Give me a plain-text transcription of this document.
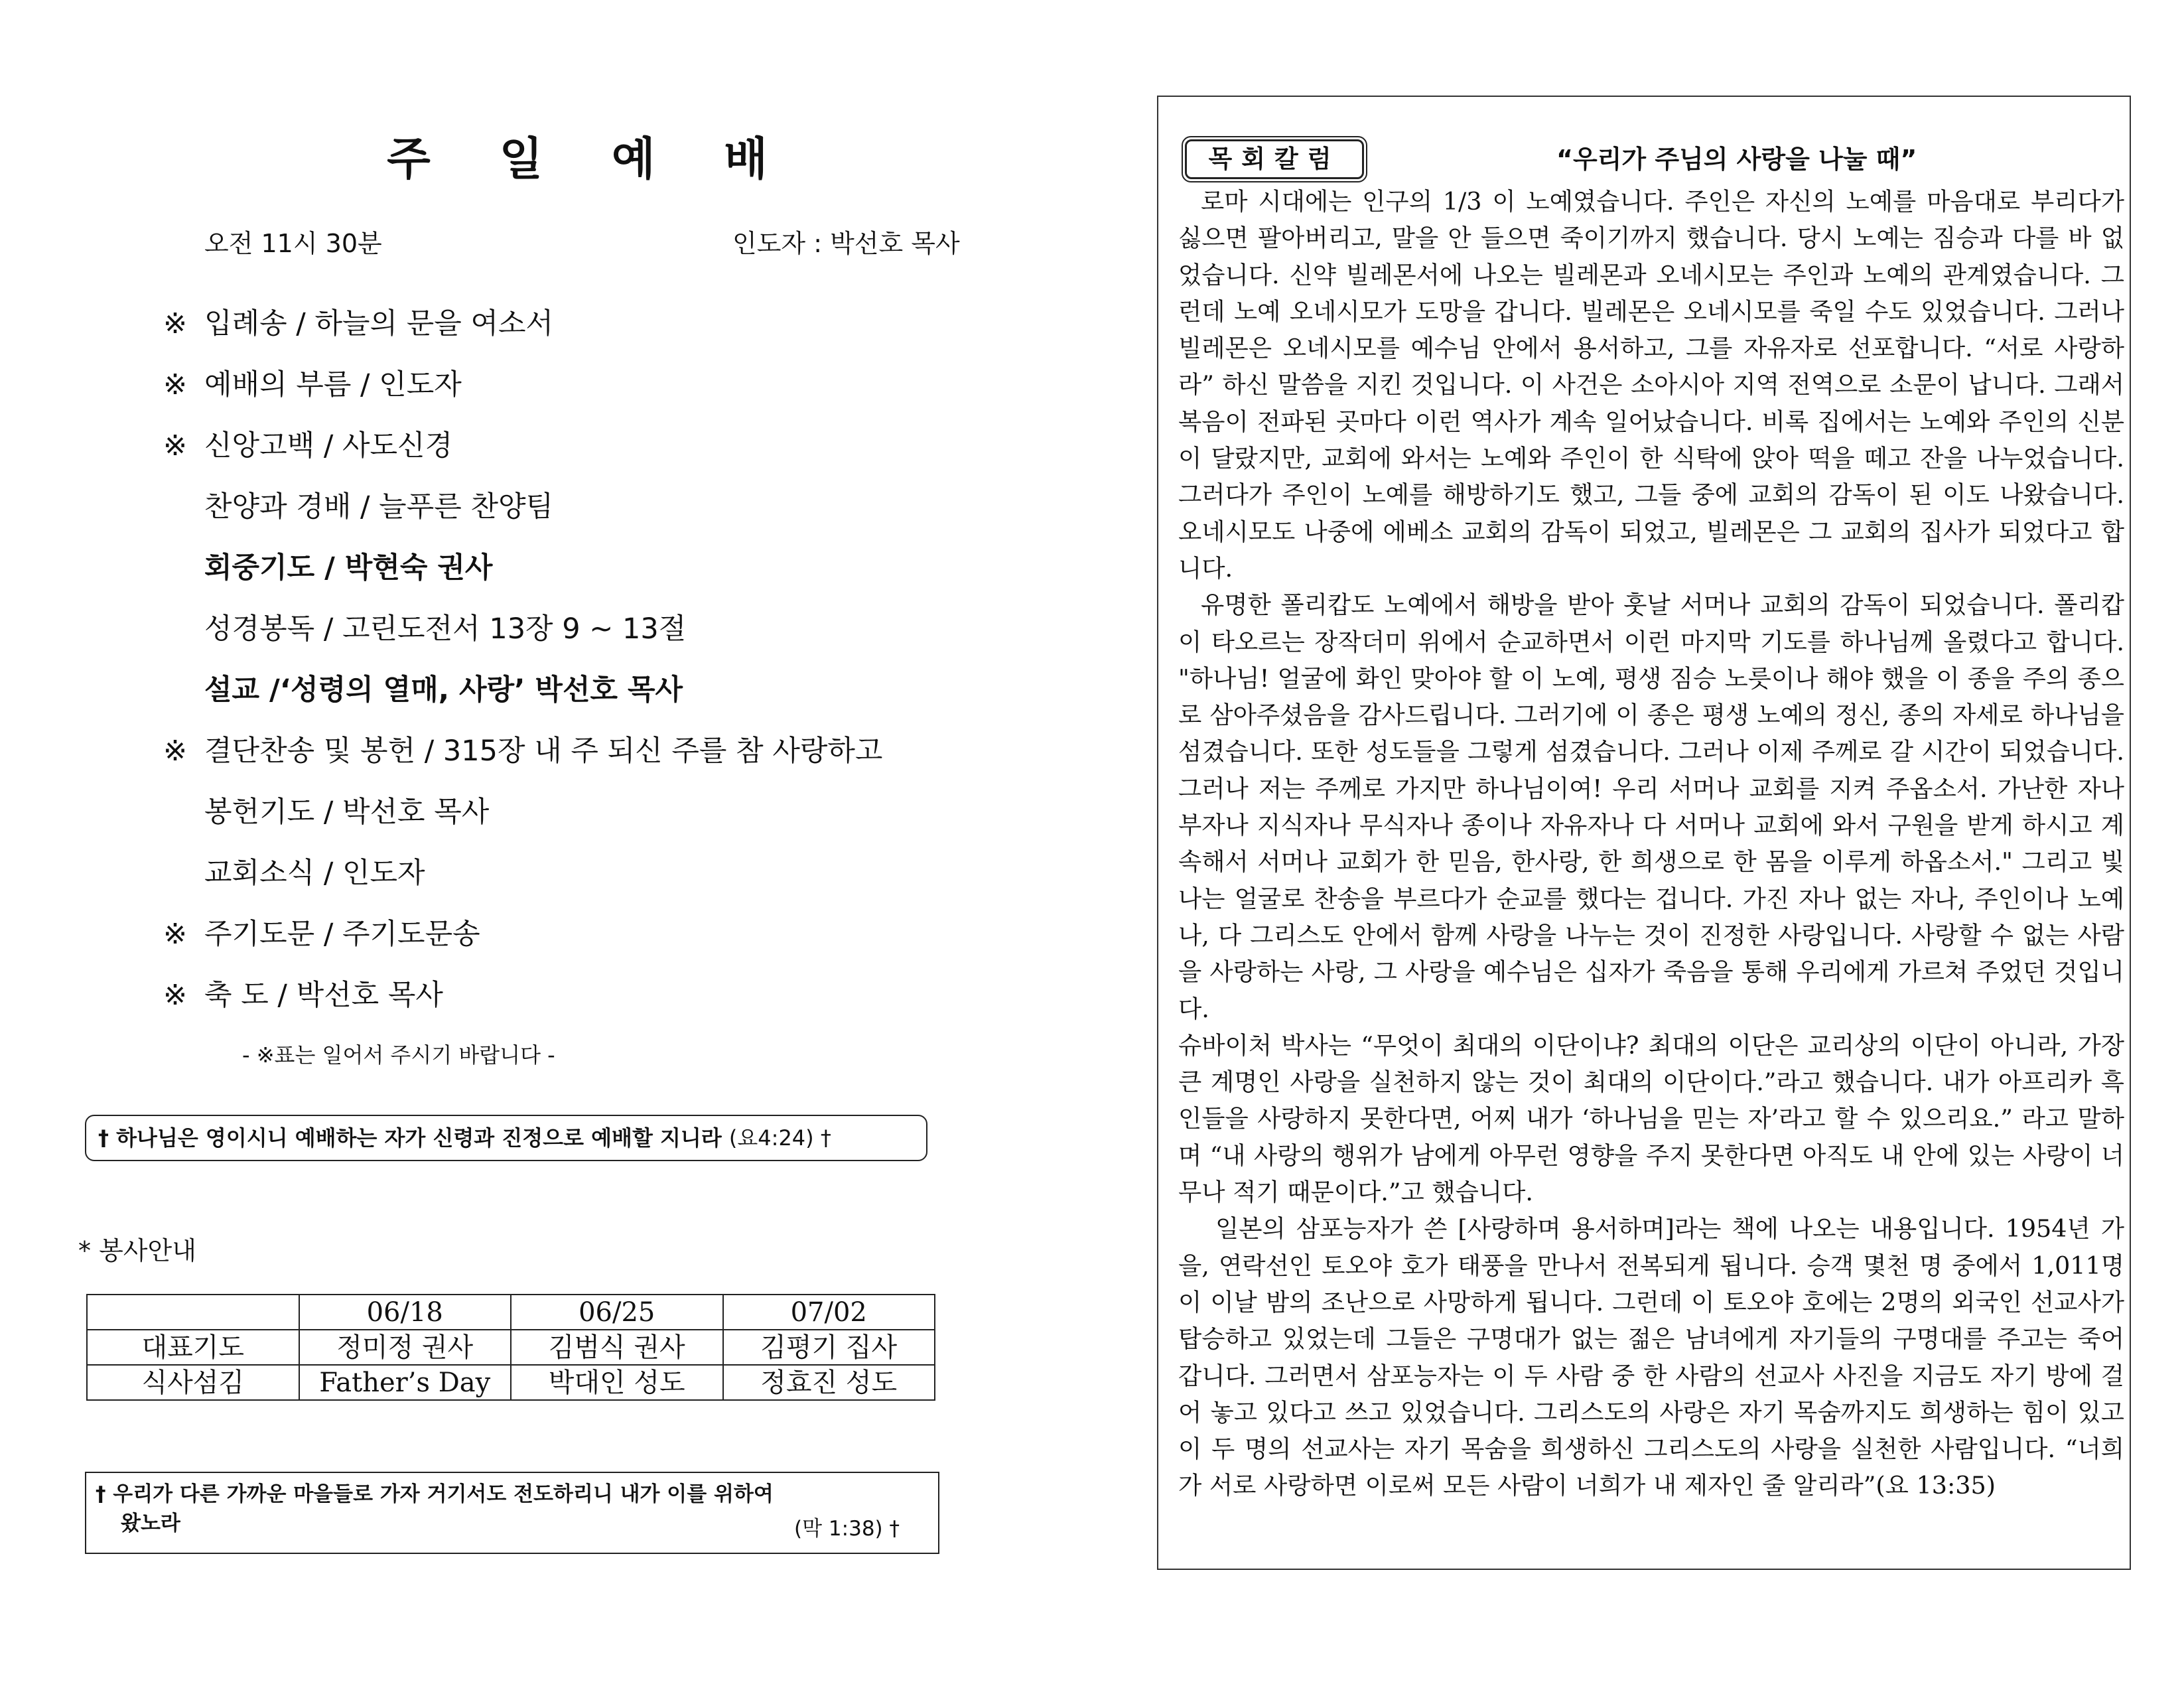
주 일 예 배
오전 11시 30분	인도자 : 박선호 목사
※ 입례송 / 하늘의 문을 여소서
※ 예배의 부름 / 인도자
※ 신앙고백 / 사도신경
찬양과 경배 / 늘푸른 찬양팀
회중기도 / 박현숙 권사
성경봉독 / 고린도전서 13장 9 ~ 13절
설교 /‘성령의 열매, 사랑’ 박선호 목사
※ 결단찬송 및 봉헌 / 315장 내 주 되신 주를 참 사랑하고
봉헌기도 / 박선호 목사
교회소식 / 인도자
※ 주기도문 / 주기도문송
※ 축 도 / 박선호 목사
- ※표는 일어서 주시기 바랍니다 -
† 하나님은 영이시니 예배하는 자가 신령과 진정으로 예배할 지니라 (요4:24) †
* 봉사안내
	06/18	06/25	07/02
대표기도	정미정 권사	김범식 권사	김평기 집사
식사섬김	Father’s Day	박대인 성도	정효진 성도
† 우리가 다른 가까운 마을들로 가자 거기서도 전도하리니 내가 이를 위하여
왔노라	(막 1:38) †
목회칼럼	“우리가 주님의 사랑을 나눌 때”

로마 시대에는 인구의 1/3 이 노예였습니다. 주인은 자신의 노예를 마음대로 부리다가 싫으면 팔아버리고, 말을 안 들으면 죽이기까지 했습니다. 당시 노예는 짐승과 다를 바 없었습니다. 신약 빌레몬서에 나오는 빌레몬과 오네시모는 주인과 노예의 관계였습니다. 그런데 노예 오네시모가 도망을 갑니다. 빌레몬은 오네시모를 죽일 수도 있었습니다. 그러나 빌레몬은 오네시모를 예수님 안에서 용서하고, 그를 자유자로 선포합니다. “서로 사랑하라” 하신 말씀을 지킨 것입니다. 이 사건은 소아시아 지역 전역으로 소문이 납니다. 그래서 복음이 전파된 곳마다 이런 역사가 계속 일어났습니다. 비록 집에서는 노예와 주인의 신분이 달랐지만, 교회에 와서는 노예와 주인이 한 식탁에 앉아 떡을 떼고 잔을 나누었습니다. 그러다가 주인이 노예를 해방하기도 했고, 그들 중에 교회의 감독이 된 이도 나왔습니다. 오네시모도 나중에 에베소 교회의 감독이 되었고, 빌레몬은 그 교회의 집사가 되었다고 합니다.

유명한 폴리캅도 노예에서 해방을 받아 훗날 서머나 교회의 감독이 되었습니다. 폴리캅이 타오르는 장작더미 위에서 순교하면서 이런 마지막 기도를 하나님께 올렸다고 합니다. "하나님! 얼굴에 화인 맞아야 할 이 노예, 평생 짐승 노릇이나 해야 했을 이 종을 주의 종으로 삼아주셨음을 감사드립니다. 그러기에 이 종은 평생 노예의 정신, 종의 자세로 하나님을 섬겼습니다. 또한 성도들을 그렇게 섬겼습니다. 그러나 이제 주께로 갈 시간이 되었습니다. 그러나 저는 주께로 가지만 하나님이여! 우리 서머나 교회를 지켜 주옵소서. 가난한 자나 부자나 지식자나 무식자나 종이나 자유자나 다 서머나 교회에 와서 구원을 받게 하시고 계속해서 서머나 교회가 한 믿음, 한사랑, 한 희생으로 한 몸을 이루게 하옵소서." 그리고 빛나는 얼굴로 찬송을 부르다가 순교를 했다는 겁니다. 가진 자나 없는 자나, 주인이나 노예나, 다 그리스도 안에서 함께 사랑을 나누는 것이 진정한 사랑입니다. 사랑할 수 없는 사람을 사랑하는 사랑, 그 사랑을 예수님은 십자가 죽음을 통해 우리에게 가르쳐 주었던 것입니다.

슈바이처 박사는 “무엇이 최대의 이단이냐? 최대의 이단은 교리상의 이단이 아니라, 가장 큰 계명인 사랑을 실천하지 않는 것이 최대의 이단이다.”라고 했습니다. 내가 아프리카 흑인들을 사랑하지 못한다면, 어찌 내가 ‘하나님을 믿는 자’라고 할 수 있으리요.” 라고 말하며 “내 사랑의 행위가 남에게 아무런 영향을 주지 못한다면 아직도 내 안에 있는 사랑이 너무나 적기 때문이다.”고 했습니다.

일본의 삼포능자가 쓴 [사랑하며 용서하며]라는 책에 나오는 내용입니다. 1954년 가을, 연락선인 토오야 호가 태풍을 만나서 전복되게 됩니다. 승객 몇천 명 중에서 1,011명이 이날 밤의 조난으로 사망하게 됩니다. 그런데 이 토오야 호에는 2명의 외국인 선교사가 탑승하고 있었는데 그들은 구명대가 없는 젊은 남녀에게 자기들의 구명대를 주고는 죽어 갑니다. 그러면서 삼포능자는 이 두 사람 중 한 사람의 선교사 사진을 지금도 자기 방에 걸어 놓고 있다고 쓰고 있었습니다. 그리스도의 사랑은 자기 목숨까지도 희생하는 힘이 있고 이 두 명의 선교사는 자기 목숨을 희생하신 그리스도의 사랑을 실천한 사람입니다. “너희가 서로 사랑하면 이로써 모든 사람이 너희가 내 제자인 줄 알리라”(요 13:35)
